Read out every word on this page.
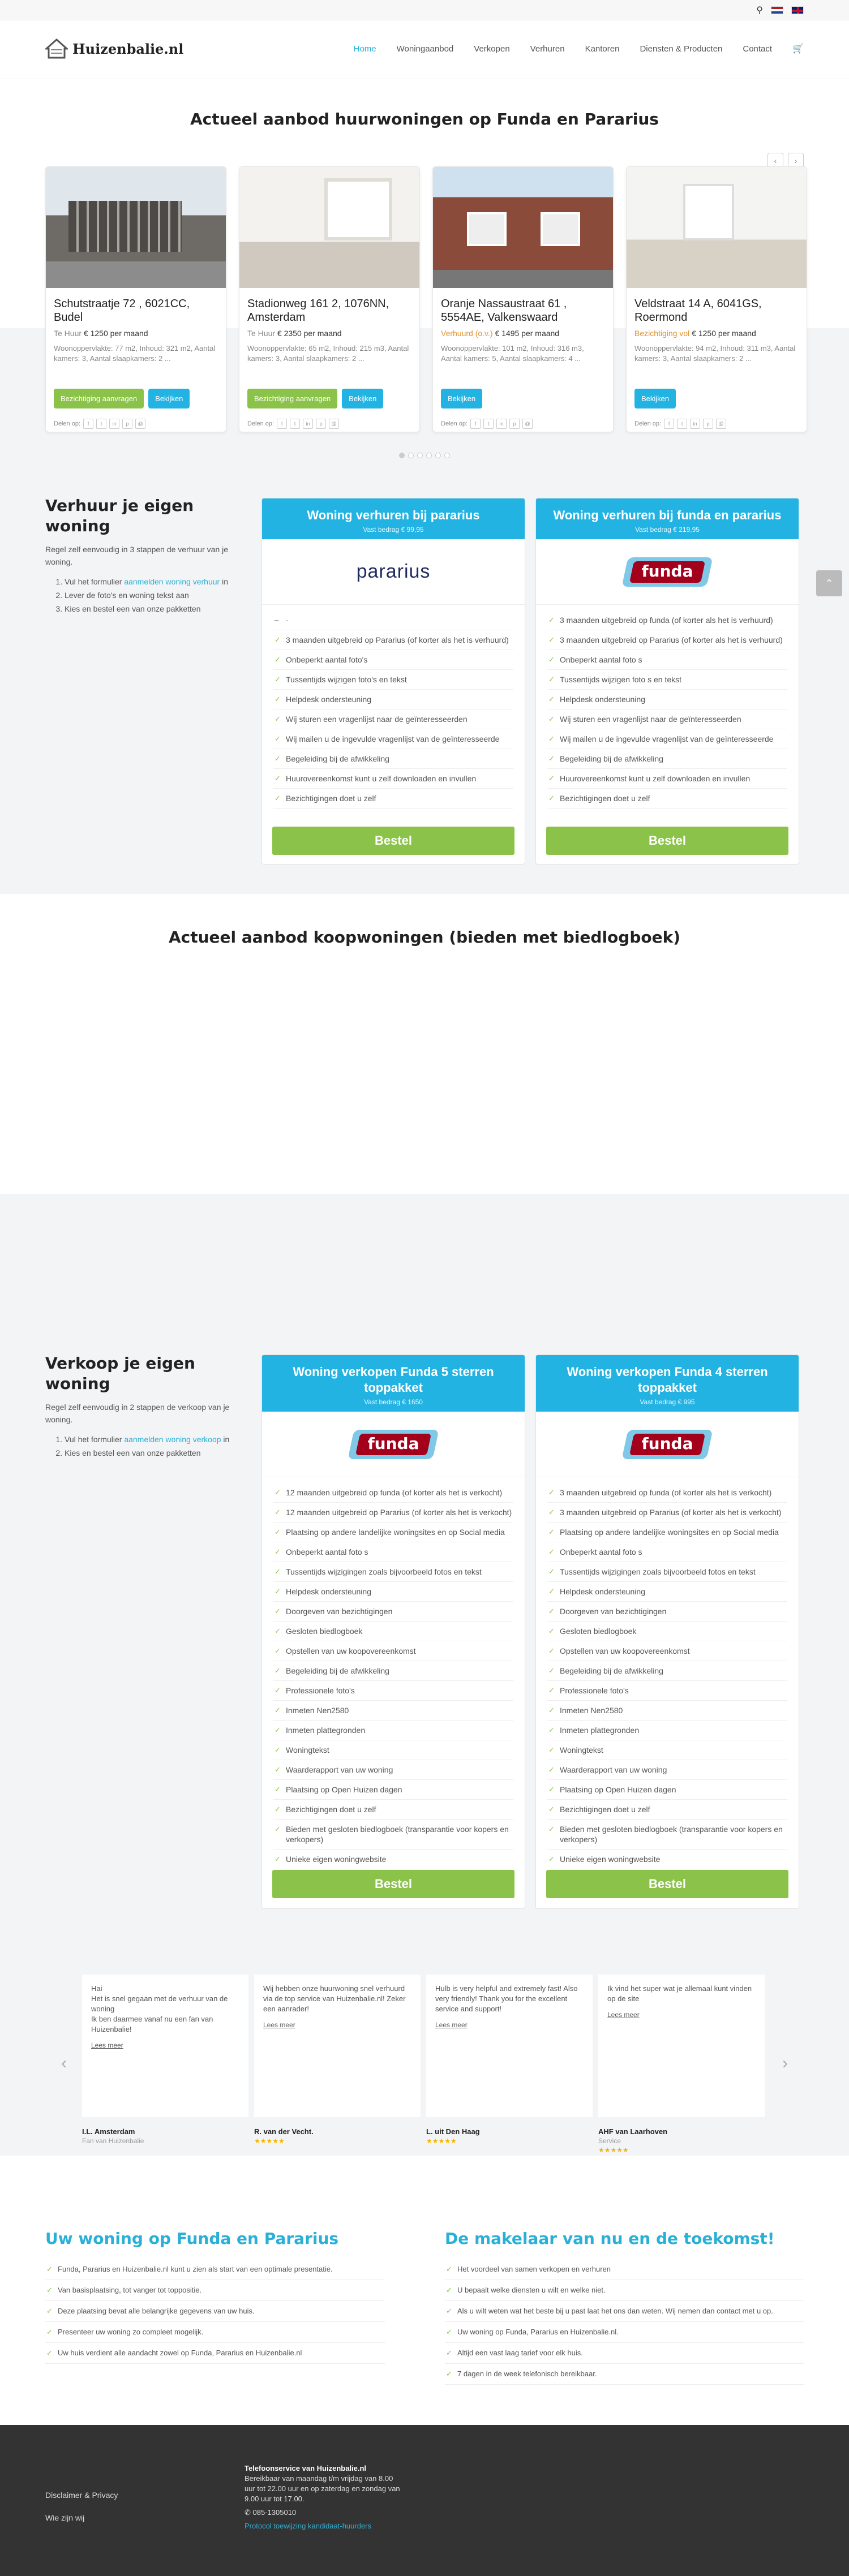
⚲
Huizenbalie.nl	Home Woningaanbod Verkopen Verhuren Kantoren Diensten & Producten Contact 🛒
Actueel aanbod huurwoningen op Funda en Pararius
‹	›
Schutstraatje 72 , 6021CC, Budel
Te Huur € 1250 per maand
Woonoppervlakte: 77 m2, Inhoud: 321 m2, Aantal kamers: 3, Aantal slaapkamers: 2 ...
Bezichtiging aanvragen	Bekijken
Delen op:	f	t	in	p	@
Stadionweg 161 2, 1076NN, Amsterdam
Te Huur € 2350 per maand
Woonoppervlakte: 65 m2, Inhoud: 215 m3, Aantal kamers: 3, Aantal slaapkamers: 2 ...
Bezichtiging aanvragen	Bekijken
Delen op:	f	t	in	p	@
Oranje Nassaustraat 61 , 5554AE, Valkenswaard
Verhuurd (o.v.) € 1495 per maand
Woonoppervlakte: 101 m2, Inhoud: 316 m3, Aantal kamers: 5, Aantal slaapkamers: 4 ...
Bekijken
Delen op:	f	t	in	p	@
Veldstraat 14 A, 6041GS, Roermond
Bezichtiging vol € 1250 per maand
Woonoppervlakte: 94 m2, Inhoud: 311 m3, Aantal kamers: 3, Aantal slaapkamers: 2 ...
Bekijken
Delen op:	f	t	in	p	@
Verhuur je eigen woning

Regel zelf eenvoudig in 3 stappen de verhuur van je woning.

1. Vul het formulier aanmelden woning verhuur in
2. Lever de foto's en woning tekst aan
3. Kies en bestel een van onze pakketten
Woning verhuren bij pararius
Vast bedrag € 99,95
pararius
– -
✓ 3 maanden uitgebreid op Pararius (of korter als het is verhuurd)
✓ Onbeperkt aantal foto's
✓ Tussentijds wijzigen foto's en tekst
✓ Helpdesk ondersteuning
✓ Wij sturen een vragenlijst naar de geïnteresseerden
✓ Wij mailen u de ingevulde vragenlijst van de geïnteresseerde
✓ Begeleiding bij de afwikkeling
✓ Huurovereenkomst kunt u zelf downloaden en invullen
✓ Bezichtigingen doet u zelf
Bestel
Woning verhuren bij funda en pararius
Vast bedrag € 219,95
funda
✓ 3 maanden uitgebreid op funda (of korter als het is verhuurd)
✓ 3 maanden uitgebreid op Pararius (of korter als het is verhuurd)
✓ Onbeperkt aantal foto s
✓ Tussentijds wijzigen foto s en tekst
✓ Helpdesk ondersteuning
✓ Wij sturen een vragenlijst naar de geïnteresseerden
✓ Wij mailen u de ingevulde vragenlijst van de geïnteresseerde
✓ Begeleiding bij de afwikkeling
✓ Huurovereenkomst kunt u zelf downloaden en invullen
✓ Bezichtigingen doet u zelf
Bestel
⌃
Actueel aanbod koopwoningen (bieden met biedlogboek)
Verkoop je eigen woning

Regel zelf eenvoudig in 2 stappen de verkoop van je woning.

1. Vul het formulier aanmelden woning verkoop in
2. Kies en bestel een van onze pakketten
Woning verkopen Funda 5 sterren toppakket
Vast bedrag € 1650
funda
✓ 12 maanden uitgebreid op funda (of korter als het is verkocht)
✓ 12 maanden uitgebreid op Pararius (of korter als het is verkocht)
✓ Plaatsing op andere landelijke woningsites en op Social media
✓ Onbeperkt aantal foto s
✓ Tussentijds wijzigingen zoals bijvoorbeeld fotos en tekst
✓ Helpdesk ondersteuning
✓ Doorgeven van bezichtigingen
✓ Gesloten biedlogboek
✓ Opstellen van uw koopovereenkomst
✓ Begeleiding bij de afwikkeling
✓ Professionele foto's
✓ Inmeten Nen2580
✓ Inmeten plattegronden
✓ Woningtekst
✓ Waarderapport van uw woning
✓ Plaatsing op Open Huizen dagen
✓ Bezichtigingen doet u zelf
✓ Bieden met gesloten biedlogboek (transparantie voor kopers en verkopers)
✓ Unieke eigen woningwebsite
Bestel
Woning verkopen Funda 4 sterren toppakket
Vast bedrag € 995
funda
✓ 3 maanden uitgebreid op funda (of korter als het is verkocht)
✓ 3 maanden uitgebreid op Pararius (of korter als het is verkocht)
✓ Plaatsing op andere landelijke woningsites en op Social media
✓ Onbeperkt aantal foto s
✓ Tussentijds wijzigingen zoals bijvoorbeeld fotos en tekst
✓ Helpdesk ondersteuning
✓ Doorgeven van bezichtigingen
✓ Gesloten biedlogboek
✓ Opstellen van uw koopovereenkomst
✓ Begeleiding bij de afwikkeling
✓ Professionele foto's
✓ Inmeten Nen2580
✓ Inmeten plattegronden
✓ Woningtekst
✓ Waarderapport van uw woning
✓ Plaatsing op Open Huizen dagen
✓ Bezichtigingen doet u zelf
✓ Bieden met gesloten biedlogboek (transparantie voor kopers en verkopers)
✓ Unieke eigen woningwebsite
Bestel
‹	›
Hai
Het is snel gegaan met de verhuur van de woning
Ik ben daarmee vanaf nu een fan van Huizenbalie!
Lees meer
Wij hebben onze huurwoning snel verhuurd via de top service van Huizenbalie.nl! Zeker een aanrader!
Lees meer
Hulb is very helpful and extremely fast! Also very friendly! Thank you for the excellent service and support!
Lees meer
Ik vind het super wat je allemaal kunt vinden op de site
Lees meer
I.L. Amsterdam
Fan van Huizenbalie
R. van der Vecht.
★★★★★
L. uit Den Haag
★★★★★
AHF van Laarhoven
Service
★★★★★
Uw woning op Funda en Pararius
✓ Funda, Pararius en Huizenbalie.nl kunt u zien als start van een optimale presentatie.
✓ Van basisplaatsing, tot vanger tot toppositie.
✓ Deze plaatsing bevat alle belangrijke gegevens van uw huis.
✓ Presenteer uw woning zo compleet mogelijk.
✓ Uw huis verdient alle aandacht zowel op Funda, Pararius en Huizenbalie.nl
De makelaar van nu en de toekomst!
✓ Het voordeel van samen verkopen en verhuren
✓ U bepaalt welke diensten u wilt en welke niet.
✓ Als u wilt weten wat het beste bij u past laat het ons dan weten. Wij nemen dan contact met u op.
✓ Uw woning op Funda, Pararius en Huizenbalie.nl.
✓ Altijd een vast laag tarief voor elk huis.
✓ 7 dagen in de week telefonisch bereikbaar.
Disclaimer & Privacy
Wie zijn wij
Telefoonservice van Huizenbalie.nl

Bereikbaar van maandag t/m vrijdag van 8.00 uur tot 22.00 uur en op zaterdag en zondag van 9.00 uur tot 17.00.

✆ 085-1305010

Protocol toewijzing kandidaat-huurders
